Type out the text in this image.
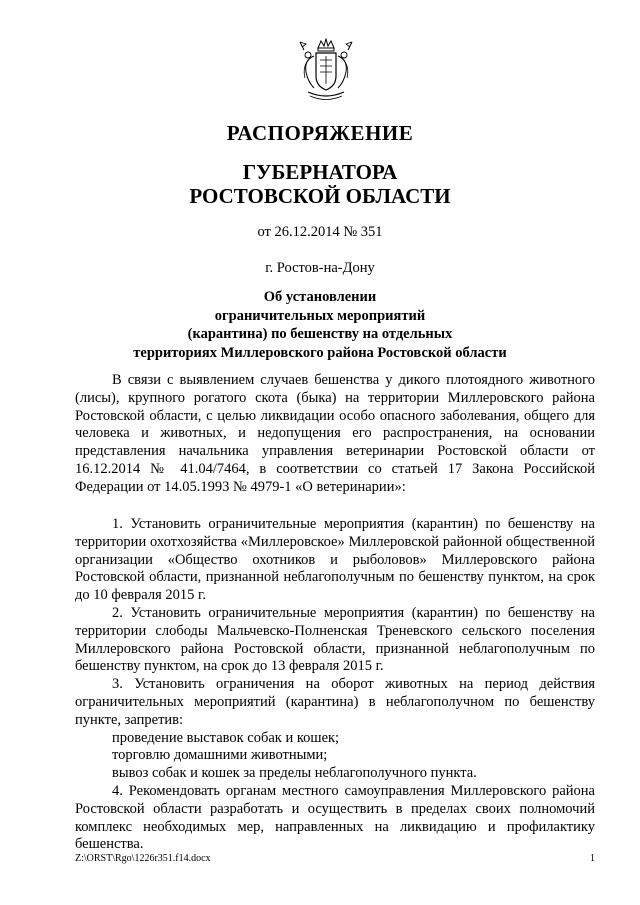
РАСПОРЯЖЕНИЕ
ГУБЕРНАТОРА
РОСТОВСКОЙ ОБЛАСТИ
от 26.12.2014 № 351
г. Ростов-на-Дону
Об установлении
ограничительных мероприятий
(карантина) по бешенству на отдельных
территориях Миллеровского района Ростовской области

В связи с выявлением случаев бешенства у дикого плотоядного животного (лисы), крупного рогатого скота (быка) на территории Миллеровского района Ростовской области, с целью ликвидации особо опасного заболевания, общего для человека и животных, и недопущения его распространения, на основании представления начальника управления ветеринарии Ростовской области от 16.12.2014 № 41.04/7464, в соответствии со статьей 17 Закона Российской Федерации от 14.05.1993 № 4979-1 «О ветеринарии»:

1. Установить ограничительные мероприятия (карантин) по бешенству на территории охотхозяйства «Миллеровское» Миллеровской районной общественной организации «Общество охотников и рыболовов» Миллеровского района Ростовской области, признанной неблагополучным по бешенству пунктом, на срок до 10 февраля 2015 г.

2. Установить ограничительные мероприятия (карантин) по бешенству на территории слободы Мальчевско-Полненская Треневского сельского поселения Миллеровского района Ростовской области, признанной неблагополучным по бешенству пунктом, на срок до 13 февраля 2015 г.

3. Установить ограничения на оборот животных на период действия ограничительных мероприятий (карантина) в неблагополучном по бешенству пункте, запретив:

проведение выставок собак и кошек;

торговлю домашними животными;

вывоз собак и кошек за пределы неблагополучного пункта.

4. Рекомендовать органам местного самоуправления Миллеровского района Ростовской области разработать и осуществить в пределах своих полномочий комплекс необходимых мер, направленных на ликвидацию и профилактику бешенства.

Z:\ORST\Rgo\1226r351.f14.docx	1
